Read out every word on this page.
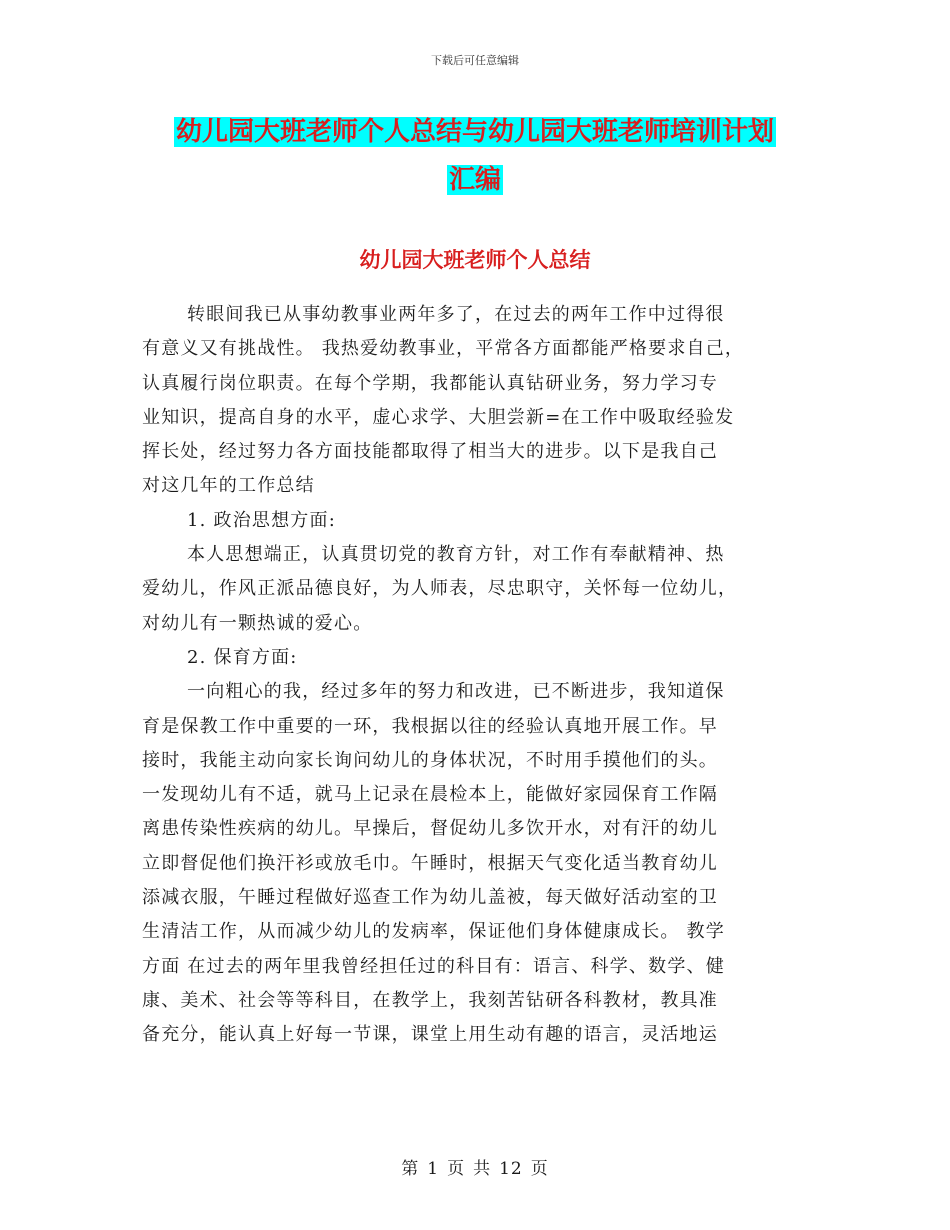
下载后可任意编辑
幼儿园大班老师个人总结与幼儿园大班老师培训计划
汇编
幼儿园大班老师个人总结
转眼间我已从事幼教事业两年多了，在过去的两年工作中过得很
有意义又有挑战性。 我热爱幼教事业，平常各方面都能严格要求自己，
认真履行岗位职责。在每个学期，我都能认真钻研业务，努力学习专
业知识，提高自身的水平，虚心求学、大胆尝新=在工作中吸取经验发
挥长处，经过努力各方面技能都取得了相当大的进步。以下是我自己
对这几年的工作总结
1. 政治思想方面:
本人思想端正，认真贯切党的教育方针，对工作有奉献精神、热
爱幼儿，作风正派品德良好，为人师表，尽忠职守，关怀每一位幼儿，
对幼儿有一颗热诚的爱心。
2. 保育方面:
一向粗心的我，经过多年的努力和改进，已不断进步，我知道保
育是保教工作中重要的一环，我根据以往的经验认真地开展工作。早
接时，我能主动向家长询问幼儿的身体状况，不时用手摸他们的头。
一发现幼儿有不适，就马上记录在晨检本上，能做好家园保育工作隔
离患传染性疾病的幼儿。早操后，督促幼儿多饮开水，对有汗的幼儿
立即督促他们换汗衫或放毛巾。午睡时，根据天气变化适当教育幼儿
添减衣服，午睡过程做好巡查工作为幼儿盖被，每天做好活动室的卫
生清洁工作，从而减少幼儿的发病率，保证他们身体健康成长。 教学
方面 在过去的两年里我曾经担任过的科目有：语言、科学、数学、健
康、美术、社会等等科目，在教学上，我刻苦钻研各科教材，教具准
备充分，能认真上好每一节课，课堂上用生动有趣的语言，灵活地运
第 1 页 共 12 页
